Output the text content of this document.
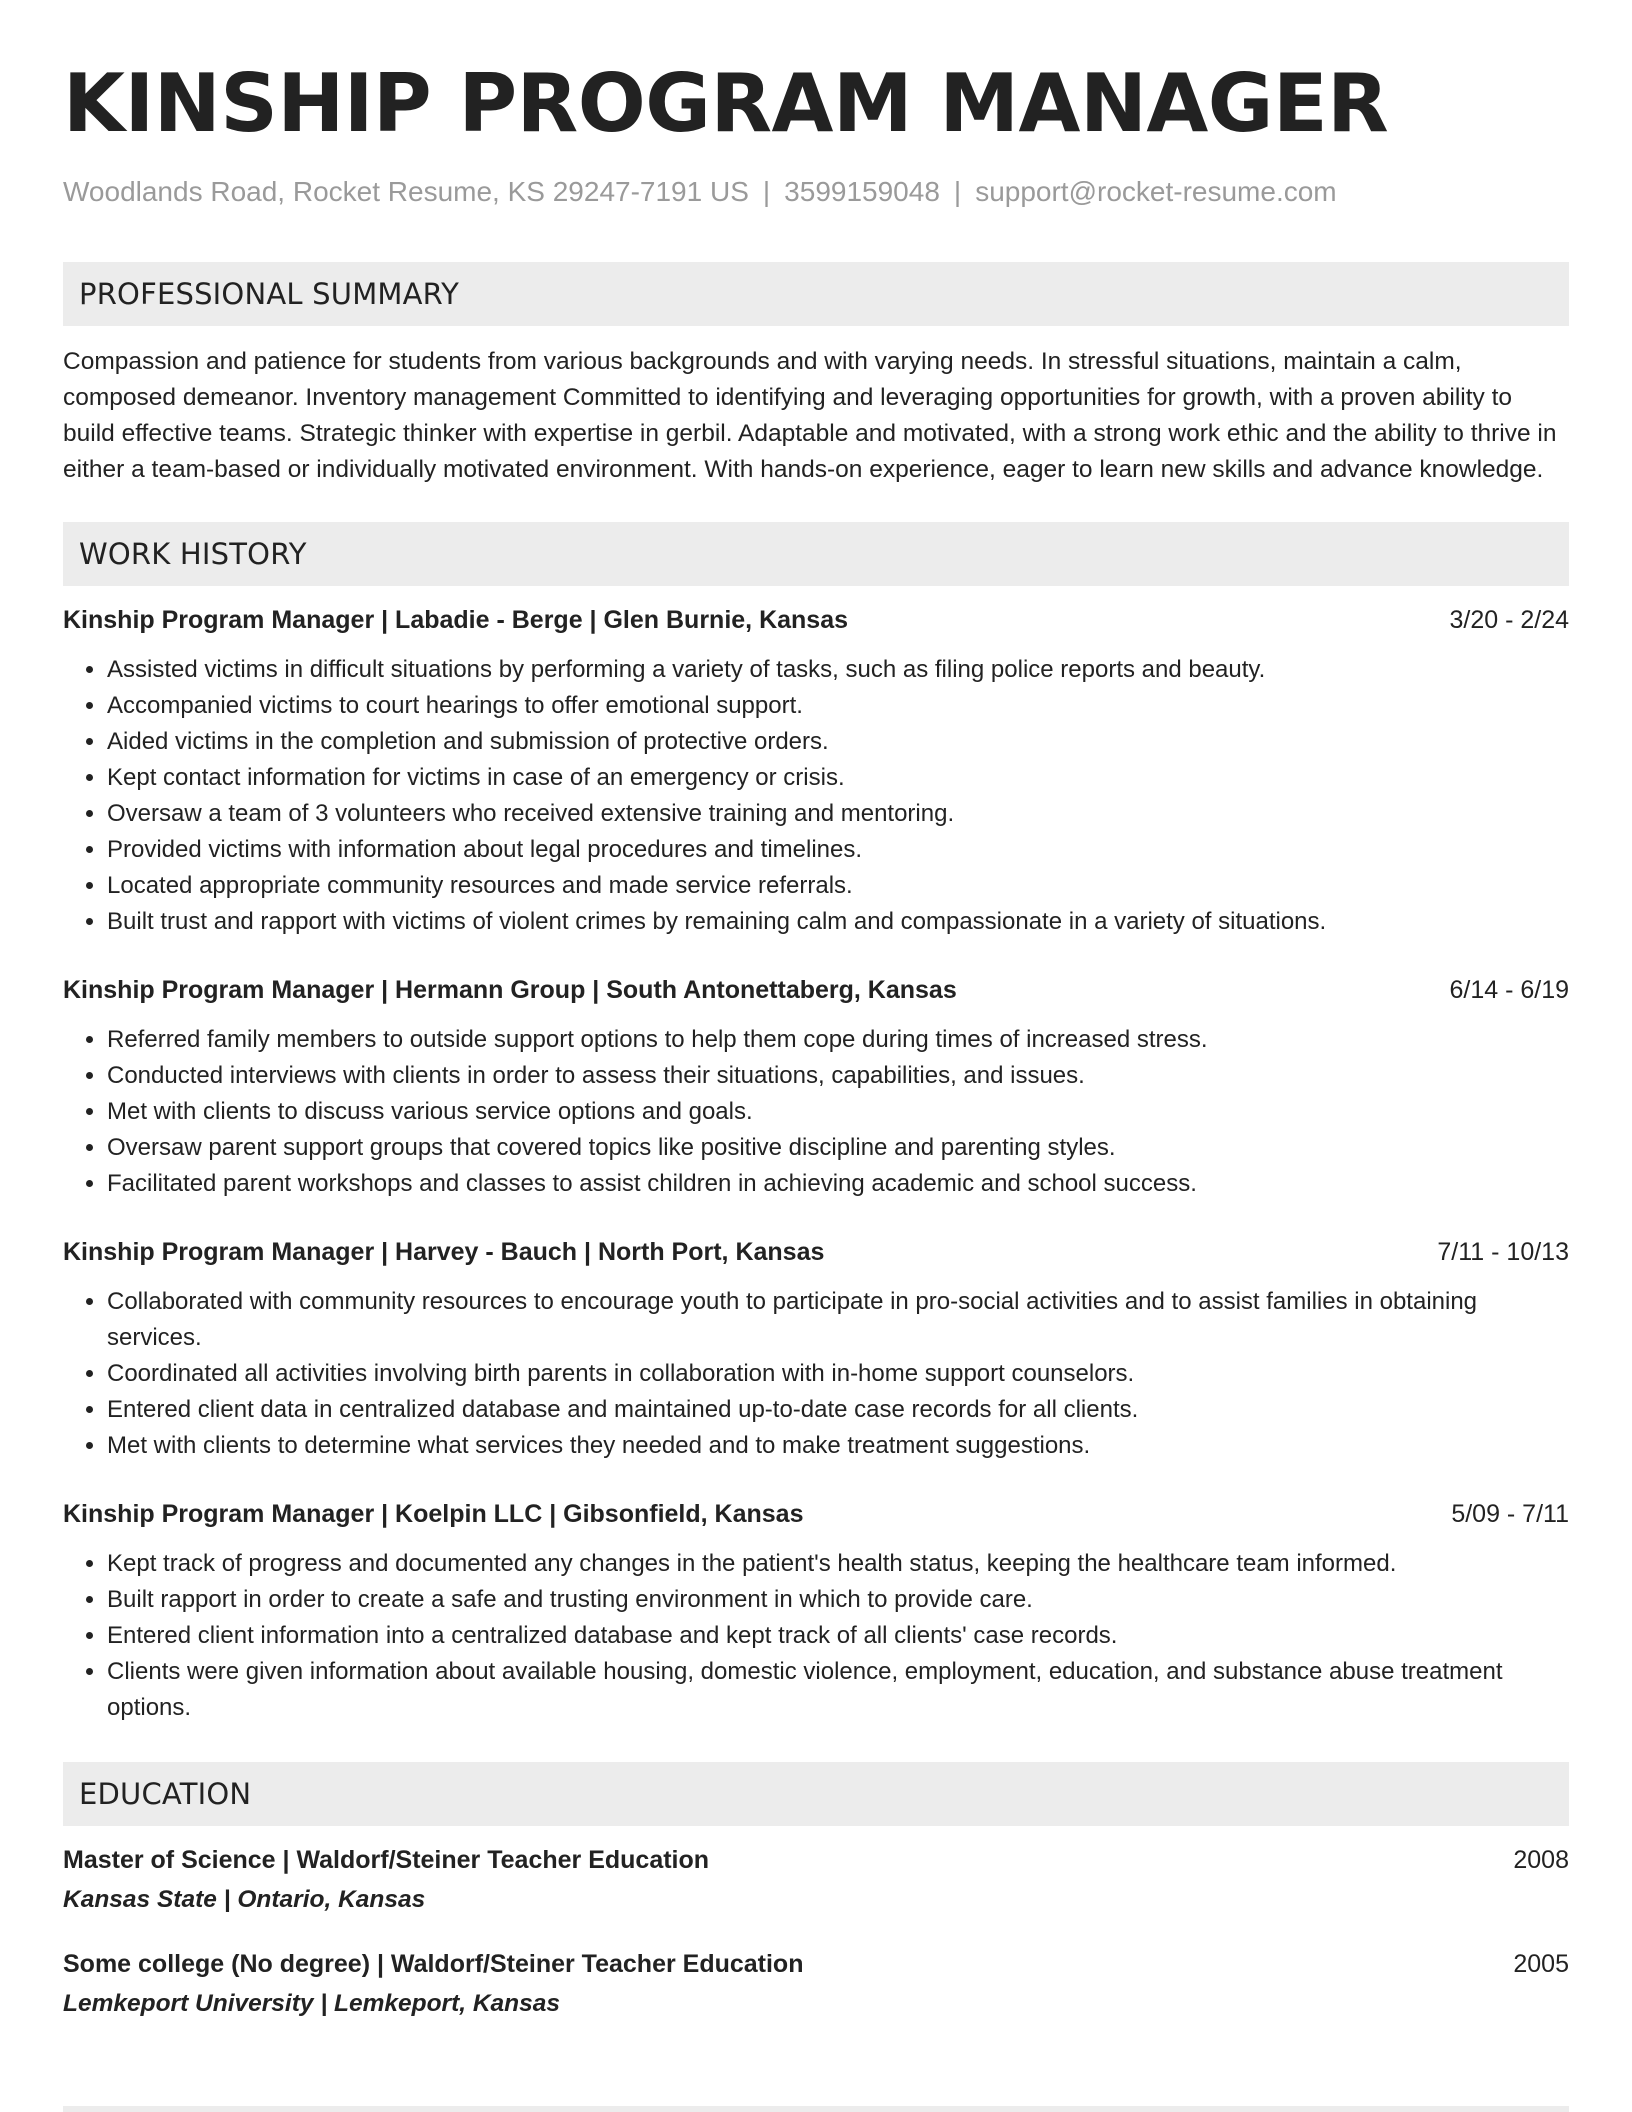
KINSHIP PROGRAM MANAGER
Woodlands Road, Rocket Resume, KS 29247-7191 US | 3599159048 | support@rocket-resume.com
PROFESSIONAL SUMMARY

Compassion and patience for students from various backgrounds and with varying needs. In stressful situations, maintain a calm, composed demeanor. Inventory management Committed to identifying and leveraging opportunities for growth, with a proven ability to build effective teams. Strategic thinker with expertise in gerbil. Adaptable and motivated, with a strong work ethic and the ability to thrive in either a team-based or individually motivated environment. With hands-on experience, eager to learn new skills and advance knowledge.

WORK HISTORY
Kinship Program Manager | Labadie - Berge | Glen Burnie, Kansas	3/20 - 2/24
• Assisted victims in difficult situations by performing a variety of tasks, such as filing police reports and beauty.
• Accompanied victims to court hearings to offer emotional support.
• Aided victims in the completion and submission of protective orders.
• Kept contact information for victims in case of an emergency or crisis.
• Oversaw a team of 3 volunteers who received extensive training and mentoring.
• Provided victims with information about legal procedures and timelines.
• Located appropriate community resources and made service referrals.
• Built trust and rapport with victims of violent crimes by remaining calm and compassionate in a variety of situations.
Kinship Program Manager | Hermann Group | South Antonettaberg, Kansas	6/14 - 6/19
• Referred family members to outside support options to help them cope during times of increased stress.
• Conducted interviews with clients in order to assess their situations, capabilities, and issues.
• Met with clients to discuss various service options and goals.
• Oversaw parent support groups that covered topics like positive discipline and parenting styles.
• Facilitated parent workshops and classes to assist children in achieving academic and school success.
Kinship Program Manager | Harvey - Bauch | North Port, Kansas	7/11 - 10/13
• Collaborated with community resources to encourage youth to participate in pro-social activities and to assist families in obtaining services.
• Coordinated all activities involving birth parents in collaboration with in-home support counselors.
• Entered client data in centralized database and maintained up-to-date case records for all clients.
• Met with clients to determine what services they needed and to make treatment suggestions.
Kinship Program Manager | Koelpin LLC | Gibsonfield, Kansas	5/09 - 7/11
• Kept track of progress and documented any changes in the patient's health status, keeping the healthcare team informed.
• Built rapport in order to create a safe and trusting environment in which to provide care.
• Entered client information into a centralized database and kept track of all clients' case records.
• Clients were given information about available housing, domestic violence, employment, education, and substance abuse treatment options.
EDUCATION
Master of Science | Waldorf/Steiner Teacher Education	2008
Kansas State | Ontario, Kansas
Some college (No degree) | Waldorf/Steiner Teacher Education	2005
Lemkeport University | Lemkeport, Kansas
